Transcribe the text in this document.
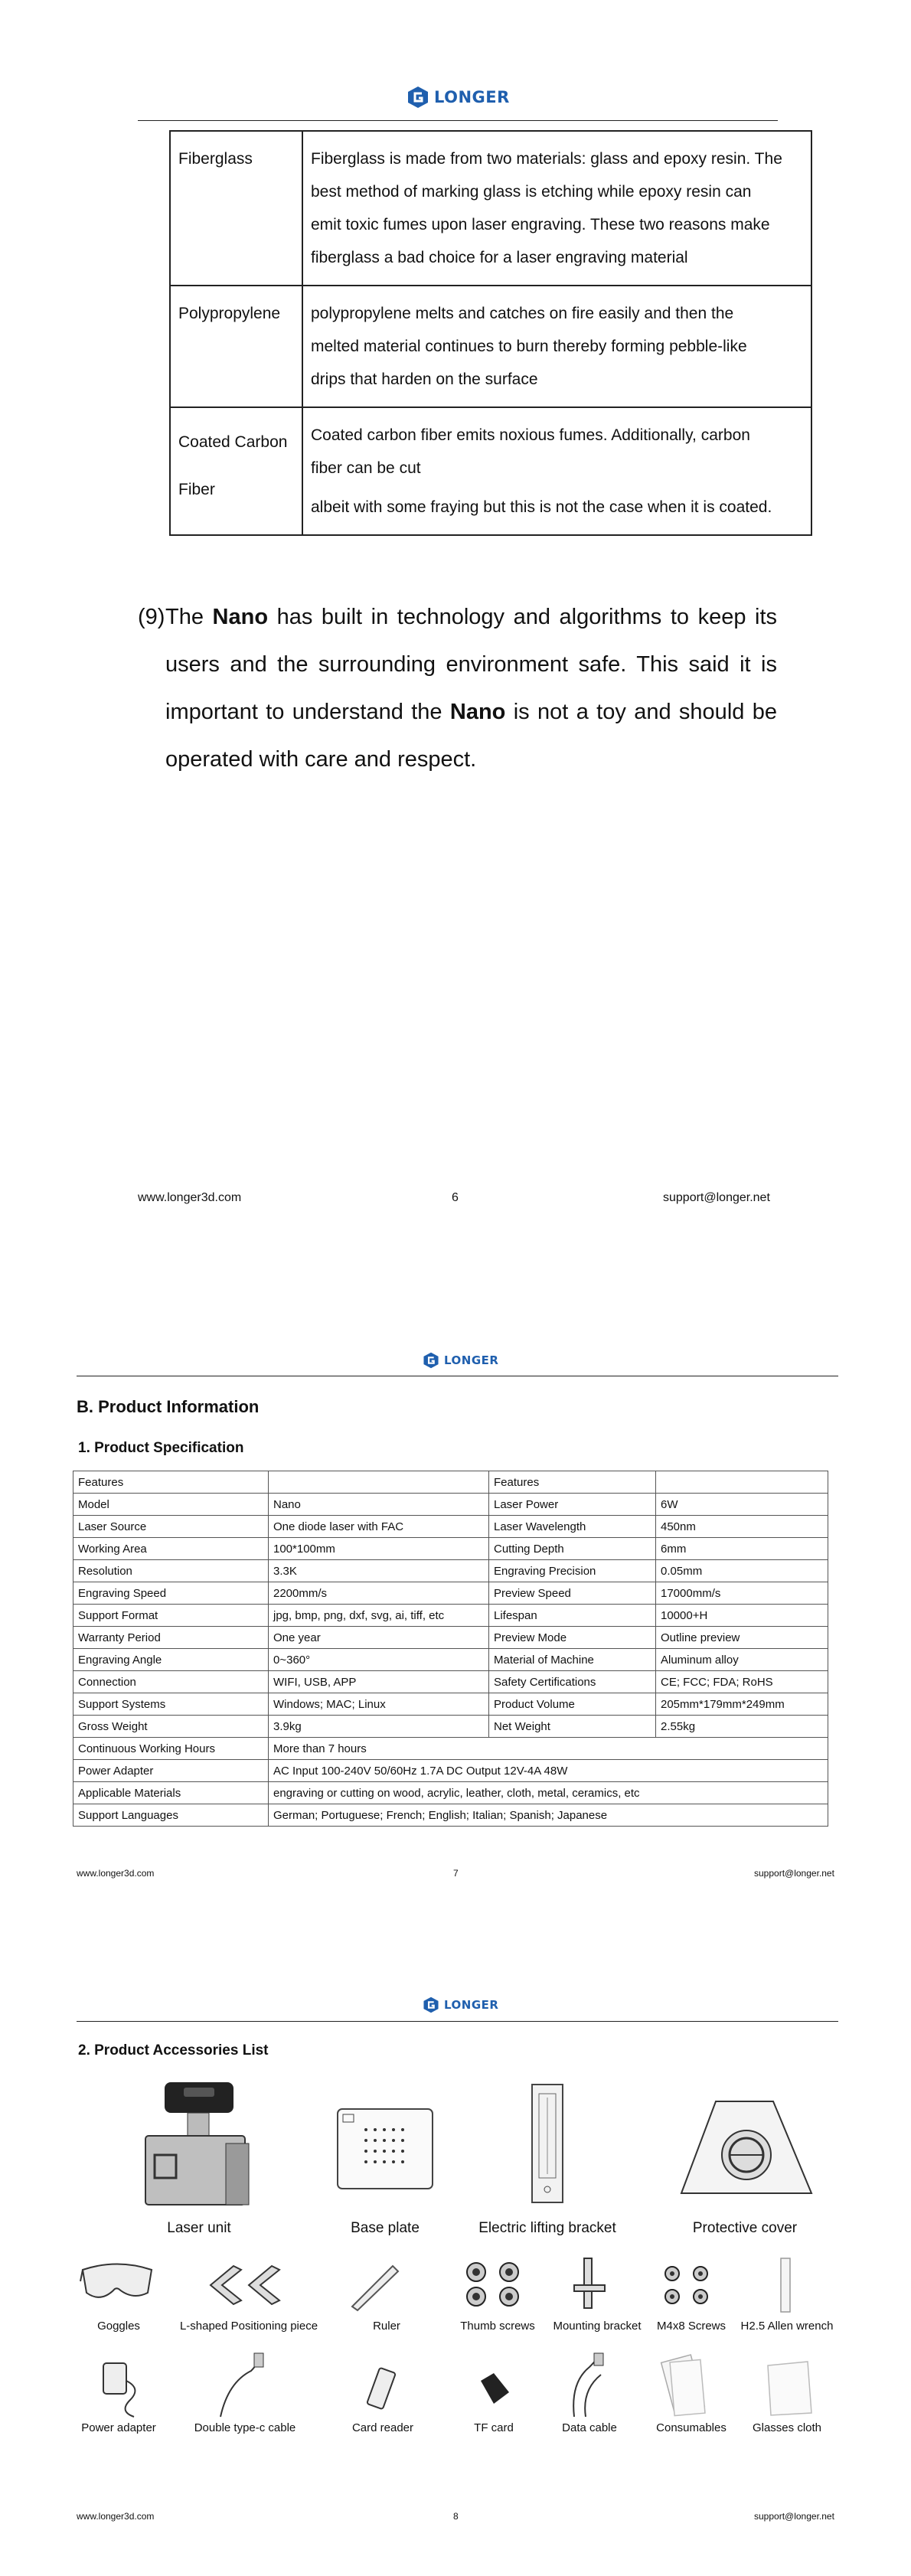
LONGER
Fiberglass	Fiberglass is made from two materials: glass and epoxy resin. The
best method of marking glass is etching while epoxy resin can
emit toxic fumes upon laser engraving. These two reasons make
fiberglass a bad choice for a laser engraving material

Polypropylene	polypropylene melts and catches on fire easily and then the
melted material continues to burn thereby forming pebble-like
drips that harden on the surface

Coated Carbon Fiber	Coated carbon fiber emits noxious fumes. Additionally, carbon
fiber can be cut
albeit with some fraying but this is not the case when it is coated.
(9) The Nano has built in technology and algorithms to keep its users and the surrounding environment safe. This said it is important to understand the Nano is not a toy and should be operated with care and respect.
www.longer3d.com	6	support@longer.net
LONGER
B. Product Information
1. Product Specification
Features		Features	
Model	Nano	Laser Power	6W
Laser Source	One diode laser with FAC	Laser Wavelength	450nm
Working Area	100*100mm	Cutting Depth	6mm
Resolution	3.3K	Engraving Precision	0.05mm
Engraving Speed	2200mm/s	Preview Speed	17000mm/s
Support Format	jpg, bmp, png, dxf, svg, ai, tiff, etc	Lifespan	10000+H
Warranty Period	One year	Preview Mode	Outline preview
Engraving Angle	0~360°	Material of Machine	Aluminum alloy
Connection	WIFI, USB, APP	Safety Certifications	CE; FCC; FDA; RoHS
Support Systems	Windows; MAC; Linux	Product Volume	205mm*179mm*249mm
Gross Weight	3.9kg	Net Weight	2.55kg
Continuous Working Hours	More than 7 hours		
Power Adapter	AC Input 100-240V 50/60Hz 1.7A DC Output 12V-4A 48W		
Applicable Materials	engraving or cutting on wood, acrylic, leather, cloth, metal, ceramics, etc		
Support Languages	German; Portuguese; French; English; Italian; Spanish; Japanese		
www.longer3d.com	7	support@longer.net
LONGER
2. Product Accessories List
Laser unit	Base plate	Electric lifting bracket	Protective cover
Goggles	L-shaped Positioning piece	Ruler	Thumb screws	Mounting bracket	M4x8 Screws	H2.5 Allen wrench
Power adapter	Double type-c cable	Card reader	TF card	Data cable	Consumables	Glasses cloth
www.longer3d.com	8	support@longer.net
